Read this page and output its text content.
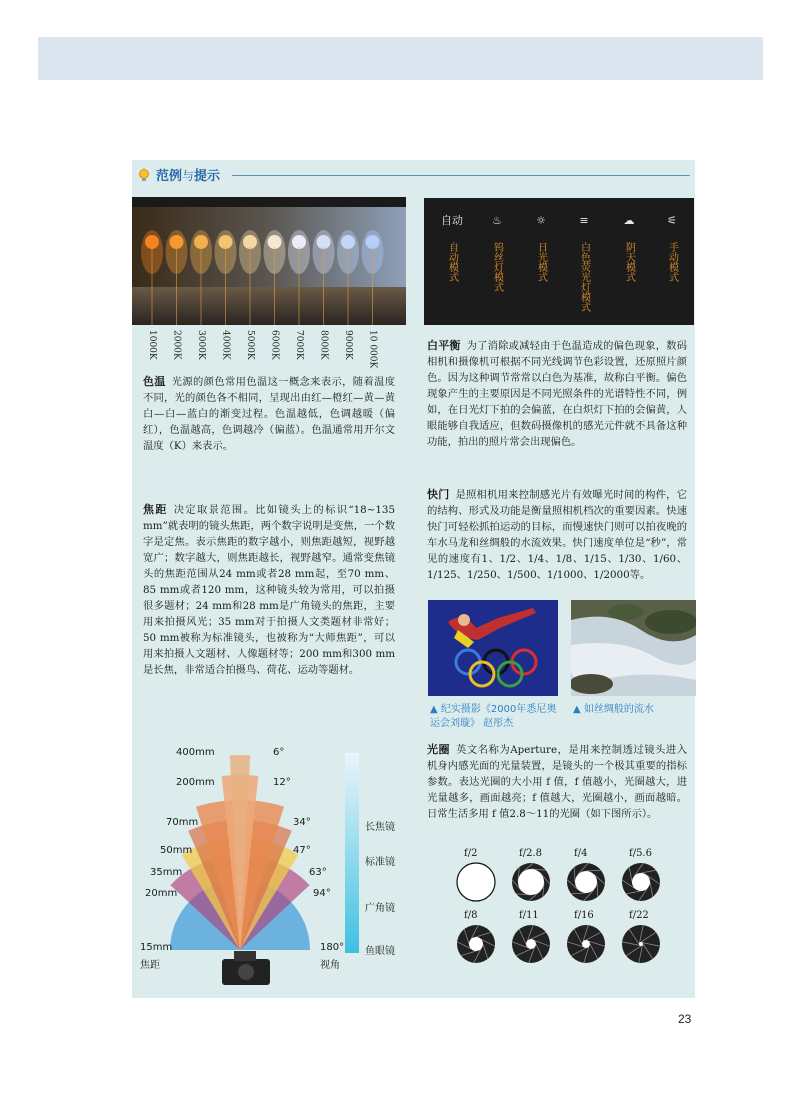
范例与提示
1000K 2000K 3000K 4000K 5000K 6000K 7000K 8000K 9000K 10 000K
自动
自动模式
♨
钨丝灯模式
☼
日光模式
≡
白色荧光灯模式
☁
阴天模式
⚟
手动模式
色温 光源的颜色常用色温这一概念来表示，随着温度不同，光的颜色各不相同，呈现出由红—橙红—黄—黄白—白—蓝白的渐变过程。色温越低，色调越暖（偏红），色温越高，色调越冷（偏蓝）。色温通常用开尔文温度（K）来表示。
白平衡 为了消除或减轻由于色温造成的偏色现象，数码相机和摄像机可根据不同光线调节色彩设置，还原照片颜色。因为这种调节常常以白色为基准，故称白平衡。偏色现象产生的主要原因是不同光照条件的光谱特性不同，例如，在日光灯下拍的会偏蓝，在白炽灯下拍的会偏黄，人眼能够自我适应，但数码摄像机的感光元件就不具备这种功能，拍出的照片常会出现偏色。
焦距 决定取景范围。比如镜头上的标识“18~135 mm”就表明的镜头焦距，两个数字说明是变焦，一个数字是定焦。表示焦距的数字越小，则焦距越短，视野越宽广；数字越大，则焦距越长，视野越窄。通常变焦镜头的焦距范围从24 mm或者28 mm起，至70 mm、85 mm或者120 mm，这种镜头较为常用，可以拍摄很多题材；24 mm和28 mm是广角镜头的焦距，主要用来拍摄风光；35 mm对于拍摄人文类题材非常好；50 mm被称为标准镜头，也被称为“大师焦距”，可以用来拍摄人文题材、人像题材等；200 mm和300 mm是长焦，非常适合拍摄鸟、荷花、运动等题材。
快门 是照相机用来控制感光片有效曝光时间的构件，它的结构、形式及功能是衡量照相机档次的重要因素。快速快门可轻松抓拍运动的目标，而慢速快门则可以拍夜晚的车水马龙和丝绸般的水流效果。快门速度单位是“秒”，常见的速度有1、1/2、1/4、1/8、1/15、1/30、1/60、1/125、1/250、1/500、1/1000、1/2000等。
▲ 纪实摄影《2000年悉尼奥运会刘璇》 赵彤杰
▲ 如丝绸般的流水
光圈 英文名称为Aperture，是用来控制透过镜头进入机身内感光面的光量装置，是镜头的一个极其重要的指标参数。表达光圈的大小用 f 值，f 值越小，光圈越大，进光量越多，画面越亮；f 值越大，光圈越小，画面越暗。日常生活多用 f 值2.8～11的光圈（如下图所示）。
f/2	f/2.8	f/4	f/5.6
f/8	f/11	f/16	f/22
400mm
200mm
70mm
50mm
35mm
20mm
15mm
6°
12°
34°
47°
63°
94°
180°
焦距	视角
长焦镜
标准镜
广角镜
鱼眼镜
23
